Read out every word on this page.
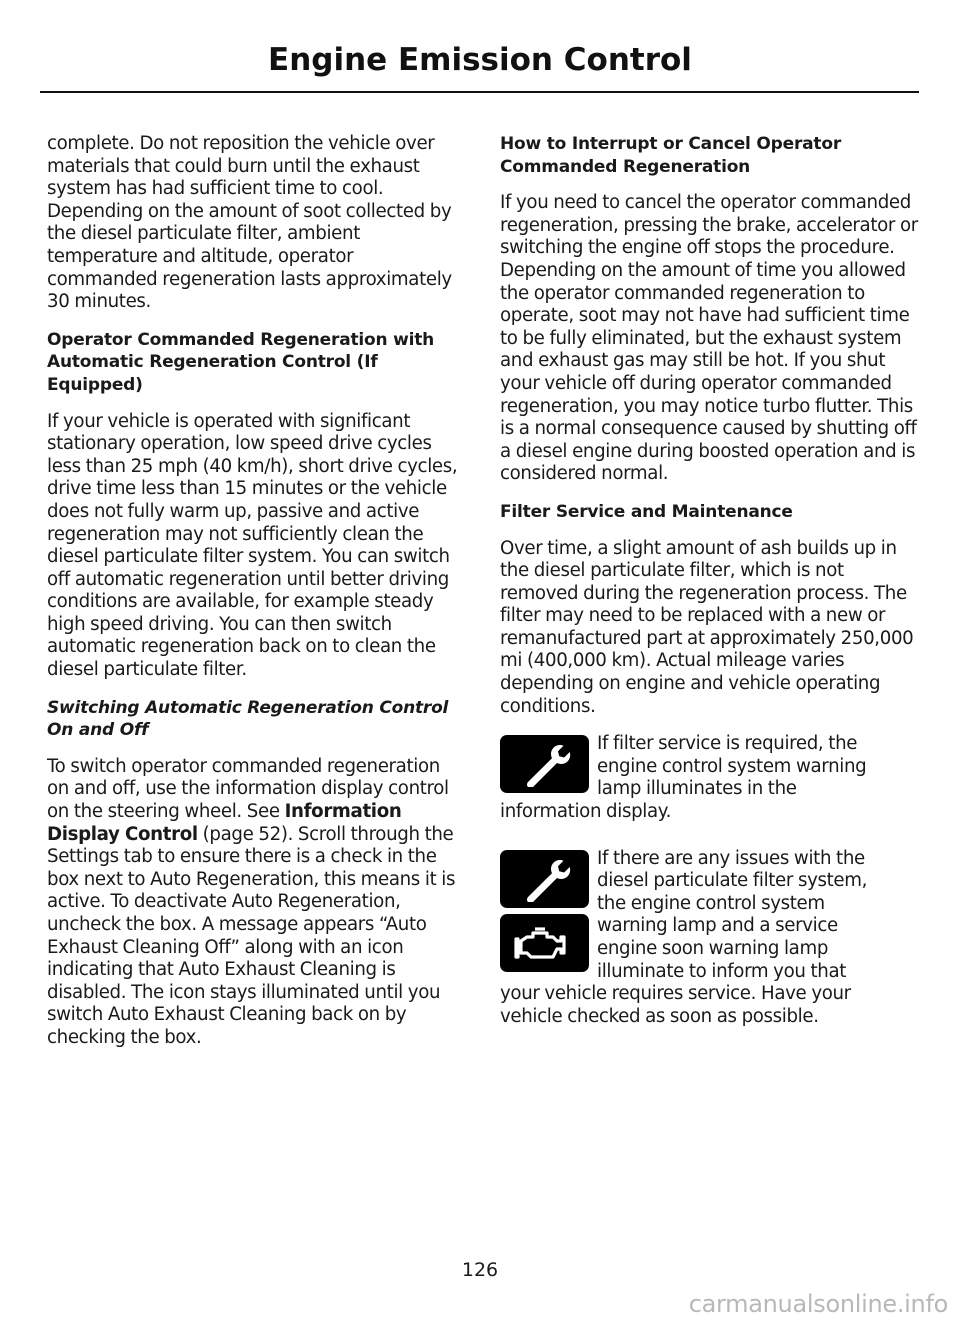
Engine Emission Control

complete. Do not reposition the vehicle over materials that could burn until the exhaust system has had sufficient time to cool. Depending on the amount of soot collected by the diesel particulate filter, ambient temperature and altitude, operator commanded regeneration lasts approximately 30 minutes.

Operator Commanded Regeneration with Automatic Regeneration Control (If Equipped)

If your vehicle is operated with significant stationary operation, low speed drive cycles less than 25 mph (40 km/h), short drive cycles, drive time less than 15 minutes or the vehicle does not fully warm up, passive and active regeneration may not sufficiently clean the diesel particulate filter system. You can switch off automatic regeneration until better driving conditions are available, for example steady high speed driving. You can then switch automatic regeneration back on to clean the diesel particulate filter.

Switching Automatic Regeneration Control On and Off

To switch operator commanded regeneration on and off, use the information display control on the steering wheel. See Information Display Control (page 52). Scroll through the Settings tab to ensure there is a check in the box next to Auto Regeneration, this means it is active. To deactivate Auto Regeneration, uncheck the box. A message appears “Auto Exhaust Cleaning Off” along with an icon indicating that Auto Exhaust Cleaning is disabled. The icon stays illuminated until you switch Auto Exhaust Cleaning back on by checking the box.

How to Interrupt or Cancel Operator Commanded Regeneration

If you need to cancel the operator commanded regeneration, pressing the brake, accelerator or switching the engine off stops the procedure. Depending on the amount of time you allowed the operator commanded regeneration to operate, soot may not have had sufficient time to be fully eliminated, but the exhaust system and exhaust gas may still be hot. If you shut your vehicle off during operator commanded regeneration, you may notice turbo flutter. This is a normal consequence caused by shutting off a diesel engine during boosted operation and is considered normal.

Filter Service and Maintenance

Over time, a slight amount of ash builds up in the diesel particulate filter, which is not removed during the regeneration process. The filter may need to be replaced with a new or remanufactured part at approximately 250,000 mi (400,000 km). Actual mileage varies depending on engine and vehicle operating conditions.

If filter service is required, the
engine control system warning
lamp illuminates in the
information display.
If there are any issues with the
diesel particulate filter system,
the engine control system
warning lamp and a service
engine soon warning lamp
illuminate to inform you that
your vehicle requires service. Have your
vehicle checked as soon as possible.
126
carmanualsonline.info
